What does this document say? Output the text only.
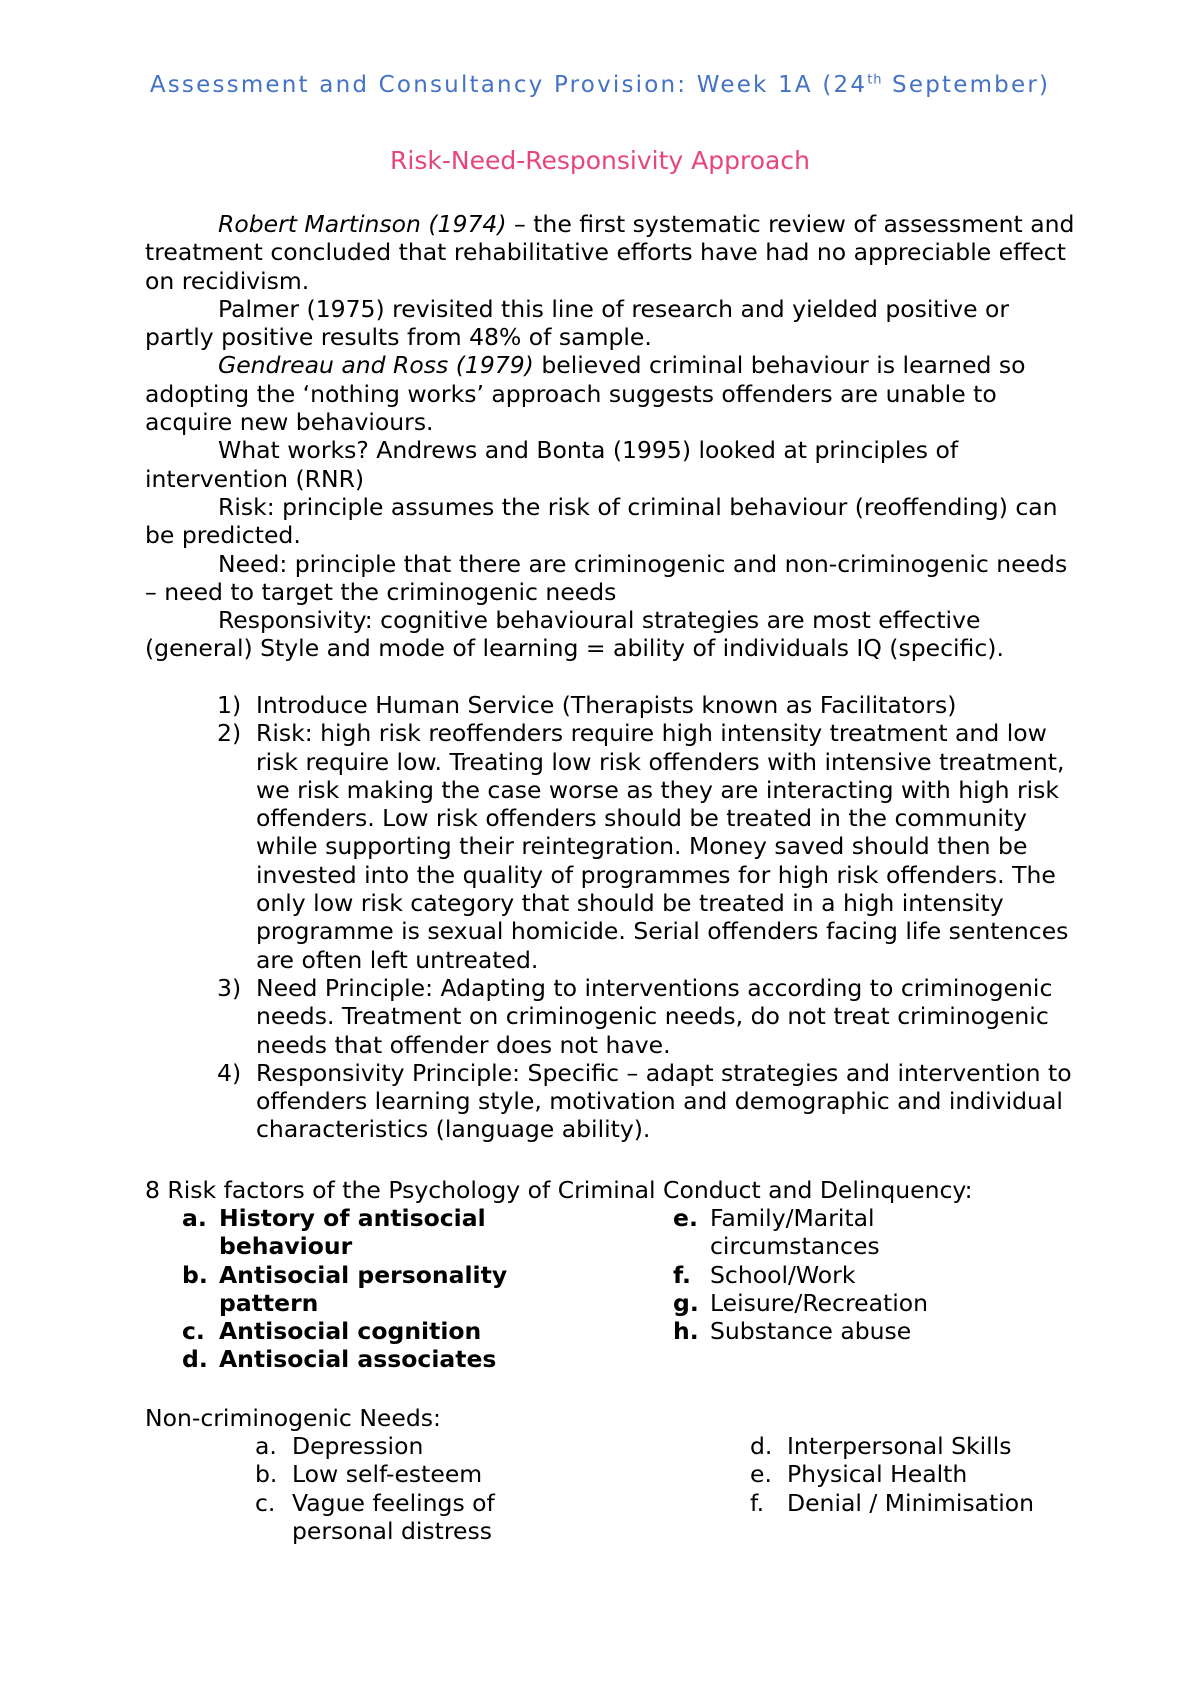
Assessment and Consultancy Provision: Week 1A (24th September)
Risk-Need-Responsivity Approach

Robert Martinson (1974) – the first systematic review of assessment and treatment concluded that rehabilitative efforts have had no appreciable effect on recidivism.

Palmer (1975) revisited this line of research and yielded positive or partly positive results from 48% of sample.

Gendreau and Ross (1979) believed criminal behaviour is learned so adopting the ‘nothing works’ approach suggests offenders are unable to acquire new behaviours.

What works? Andrews and Bonta (1995) looked at principles of intervention (RNR)

Risk: principle assumes the risk of criminal behaviour (reoffending) can be predicted.

Need: principle that there are criminogenic and non-criminogenic needs – need to target the criminogenic needs

Responsivity: cognitive behavioural strategies are most effective (general) Style and mode of learning = ability of individuals IQ (specific).

1) Introduce Human Service (Therapists known as Facilitators)
2) Risk: high risk reoffenders require high intensity treatment and low risk require low. Treating low risk offenders with intensive treatment, we risk making the case worse as they are interacting with high risk offenders. Low risk offenders should be treated in the community while supporting their reintegration. Money saved should then be invested into the quality of programmes for high risk offenders. The only low risk category that should be treated in a high intensity programme is sexual homicide. Serial offenders facing life sentences are often left untreated.
3) Need Principle: Adapting to interventions according to criminogenic needs. Treatment on criminogenic needs, do not treat criminogenic needs that offender does not have.
4) Responsivity Principle: Specific – adapt strategies and intervention to offenders learning style, motivation and demographic and individual characteristics (language ability).
8 Risk factors of the Psychology of Criminal Conduct and Delinquency:
a. History of antisocial behaviour
b. Antisocial personality pattern
c. Antisocial cognition
d. Antisocial associates
e. Family/Marital circumstances
f. School/Work
g. Leisure/Recreation
h. Substance abuse
Non-criminogenic Needs:
a. Depression
b. Low self-esteem
c. Vague feelings of personal distress
d. Interpersonal Skills
e. Physical Health
f. Denial / Minimisation
